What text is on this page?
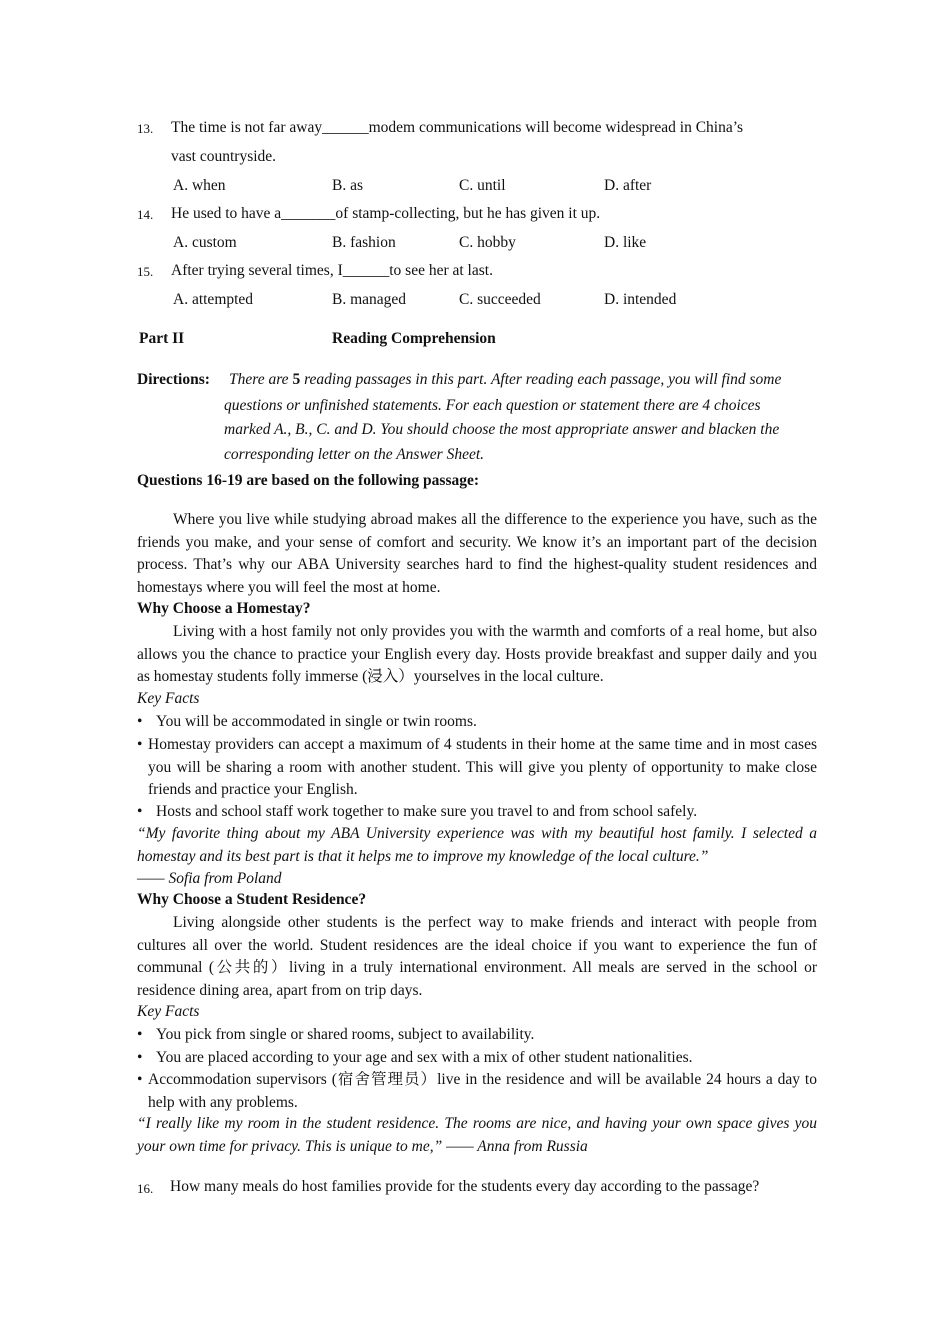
13. The time is not far away______modem communications will become widespread in China’s
vast countryside.
A. when	B. as	C. until	D. after
14. He used to have a_______of stamp-collecting, but he has given it up.
A. custom	B. fashion	C. hobby	D. like
15. After trying several times, I______to see her at last.
A. attempted	B. managed	C. succeeded	D. intended
Part II	Reading Comprehension
Directions: There are 5 reading passages in this part. After reading each passage, you will find some
questions or unfinished statements. For each question or statement there are 4 choices
marked A., B., C. and D. You should choose the most appropriate answer and blacken the
corresponding letter on the Answer Sheet.
Questions 16-19 are based on the following passage:
Where you live while studying abroad makes all the difference to the experience you have, such as the friends you make, and your sense of comfort and security. We know it’s an important part of the decision process. That’s why our ABA University searches hard to find the highest-quality student residences and homestays where you will feel the most at home.
Why Choose a Homestay?
Living with a host family not only provides you with the warmth and comforts of a real home, but also allows you the chance to practice your English every day. Hosts provide breakfast and supper daily and you as homestay students folly immerse (浸入）yourselves in the local culture.
Key Facts
• You will be accommodated in single or twin rooms.
• Homestay providers can accept a maximum of 4 students in their home at the same time and in most cases you will be sharing a room with another student. This will give you plenty of opportunity to make close friends and practice your English.
• Hosts and school staff work together to make sure you travel to and from school safely.
“My favorite thing about my ABA University experience was with my beautiful host family. I selected a homestay and its best part is that it helps me to improve my knowledge of the local culture.”
—— Sofia from Poland
Why Choose a Student Residence?
Living alongside other students is the perfect way to make friends and interact with people from cultures all over the world. Student residences are the ideal choice if you want to experience the fun of communal (公共的）living in a truly international environment. All meals are served in the school or residence dining area, apart from on trip days.
Key Facts
• You pick from single or shared rooms, subject to availability.
• You are placed according to your age and sex with a mix of other student nationalities.
• Accommodation supervisors (宿舍管理员）live in the residence and will be available 24 hours a day to help with any problems.
“I really like my room in the student residence. The rooms are nice, and having your own space gives you your own time for privacy. This is unique to me,” —— Anna from Russia
16. How many meals do host families provide for the students every day according to the passage?
